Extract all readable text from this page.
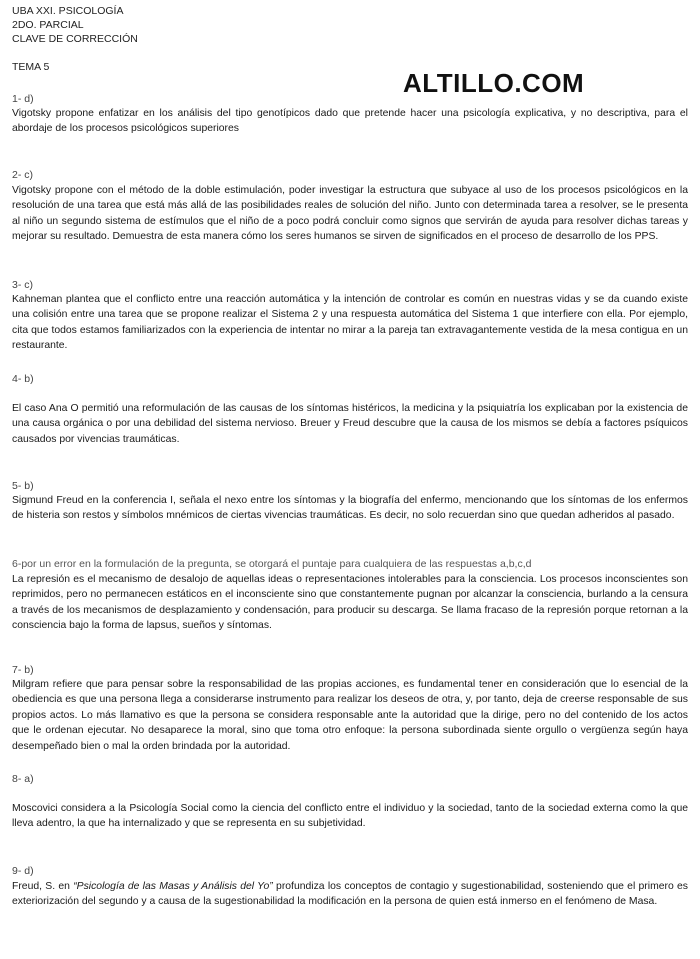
UBA XXI. PSICOLOGÍA
2DO. PARCIAL
CLAVE DE CORRECCIÓN
TEMA 5
ALTILLO.COM
1- d)

Vigotsky propone enfatizar en los análisis del tipo genotípicos dado que pretende hacer una psicología explicativa, y no descriptiva, para el abordaje de los procesos psicológicos superiores

2- c)

Vigotsky propone con el método de la doble estimulación, poder investigar la estructura que subyace al uso de los procesos psicológicos en la resolución de una tarea que está más allá de las posibilidades reales de solución del niño. Junto con determinada tarea a resolver, se le presenta al niño un segundo sistema de estímulos que el niño de a poco podrá concluir como signos que servirán de ayuda para resolver dichas tareas y mejorar su resultado. Demuestra de esta manera cómo los seres humanos se sirven de significados en el proceso de desarrollo de los PPS.

3- c)

Kahneman plantea que el conflicto entre una reacción automática y la intención de controlar es común en nuestras vidas y se da cuando existe una colisión entre una tarea que se propone realizar el Sistema 2 y una respuesta automática del Sistema 1 que interfiere con ella. Por ejemplo, cita que todos estamos familiarizados con la experiencia de intentar no mirar a la pareja tan extravagantemente vestida de la mesa contigua en un restaurante.

4- b)

El caso Ana O permitió una reformulación de las causas de los síntomas histéricos, la medicina y la psiquiatría los explicaban por la existencia de una causa orgánica o por una debilidad del sistema nervioso. Breuer y Freud descubre que la causa de los mismos se debía a factores psíquicos causados por vivencias traumáticas.

5- b)

Sigmund Freud en la conferencia I, señala el nexo entre los síntomas y la biografía del enfermo, mencionando que los síntomas de los enfermos de histeria son restos y símbolos mnémicos de ciertas vivencias traumáticas. Es decir, no solo recuerdan sino que quedan adheridos al pasado.

6-por un error en la formulación de la pregunta, se otorgará el puntaje para cualquiera de las respuestas a,b,c,d

La represión es el mecanismo de desalojo de aquellas ideas o representaciones intolerables para la consciencia. Los procesos inconscientes son reprimidos, pero no permanecen estáticos en el inconsciente sino que constantemente pugnan por alcanzar la consciencia, burlando a la censura a través de los mecanismos de desplazamiento y condensación, para producir su descarga. Se llama fracaso de la represión porque retornan a la consciencia bajo la forma de lapsus, sueños y síntomas.

7- b)

Milgram refiere que para pensar sobre la responsabilidad de las propias acciones, es fundamental tener en consideración que lo esencial de la obediencia es que una persona llega a considerarse instrumento para realizar los deseos de otra, y, por tanto, deja de creerse responsable de sus propios actos. Lo más llamativo es que la persona se considera responsable ante la autoridad que la dirige, pero no del contenido de los actos que le ordenan ejecutar. No desaparece la moral, sino que toma otro enfoque: la persona subordinada siente orgullo o vergüenza según haya desempeñado bien o mal la orden brindada por la autoridad.

8- a)

Moscovici considera a la Psicología Social como la ciencia del conflicto entre el individuo y la sociedad, tanto de la sociedad externa como la que lleva adentro, la que ha internalizado y que se representa en su subjetividad.

9- d)

Freud, S. en “Psicología de las Masas y Análisis del Yo” profundiza los conceptos de contagio y sugestionabilidad, sosteniendo que el primero es exteriorización del segundo y a causa de la sugestionabilidad la modificación en la persona de quien está inmerso en el fenómeno de Masa.
